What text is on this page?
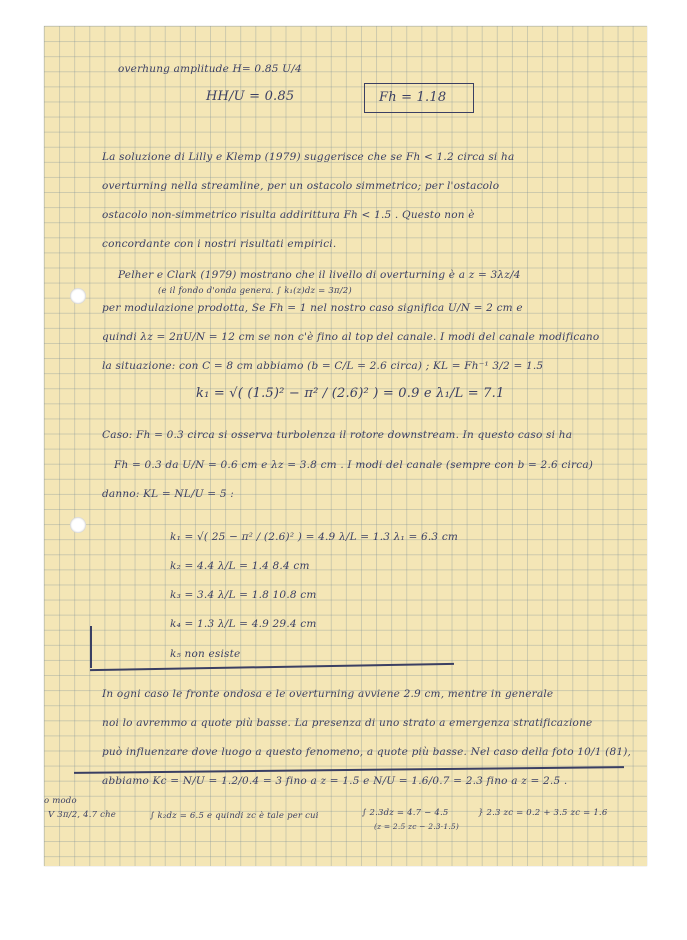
overhung amplitude H= 0.85 U/4
HH/U = 0.85	Fh = 1.18
La soluzione di Lilly e Klemp (1979) suggerisce che se Fh < 1.2 circa si ha
overturning nella streamline, per un ostacolo simmetrico; per l'ostacolo
ostacolo non-simmetrico risulta addirittura Fh < 1.5 . Questo non è
concordante con i nostri risultati empirici.
Pelher e Clark (1979) mostrano che il livello di overturning è a z = 3λz/4
(e il fondo d'onda genera. ∫ k₁(z)dz = 3π/2)
per modulazione prodotta, Se Fh = 1 nel nostro caso significa U/N = 2 cm e
quindi λz = 2πU/N = 12 cm se non c'è fino al top del canale. I modi del canale modificano
la situazione: con C = 8 cm abbiamo (b = C/L = 2.6 circa) ; KL = Fh⁻¹ 3/2 = 1.5
k₁ = √( (1.5)² − π² / (2.6)² ) = 0.9 e λ₁/L = 7.1
Caso: Fh = 0.3 circa si osserva turbolenza il rotore downstream. In questo caso si ha
Fh = 0.3 da U/N = 0.6 cm e λz = 3.8 cm . I modi del canale (sempre con b = 2.6 circa)
danno: KL = NL/U = 5 :
k₁ = √( 25 − π² / (2.6)² ) = 4.9 λ/L = 1.3 λ₁ = 6.3 cm
k₂ = 4.4 λ/L = 1.4 8.4 cm
k₃ = 3.4 λ/L = 1.8 10.8 cm
k₄ = 1.3 λ/L = 4.9 29.4 cm
k₅ non esiste
In ogni caso le fronte ondosa e le overturning avviene 2.9 cm, mentre in generale
noi lo avremmo a quote più basse. La presenza di uno strato a emergenza stratificazione
può influenzare dove luogo a questo fenomeno, a quote più basse. Nel caso della foto 10/1 (81),
abbiamo Kc = N/U = 1.2/0.4 = 3 fino a z = 1.5 e N/U = 1.6/0.7 = 2.3 fino a z = 2.5 .
o modo
V 3π/2, 4.7 che	∫ k₂dz = 6.5 e quindi zc è tale per cui	∫ 2.3dz = 4.7 − 4.5	} 2.3 zc = 0.2 + 3.5 zc = 1.6
(z = 2.5 zc − 2.3·1.5)
